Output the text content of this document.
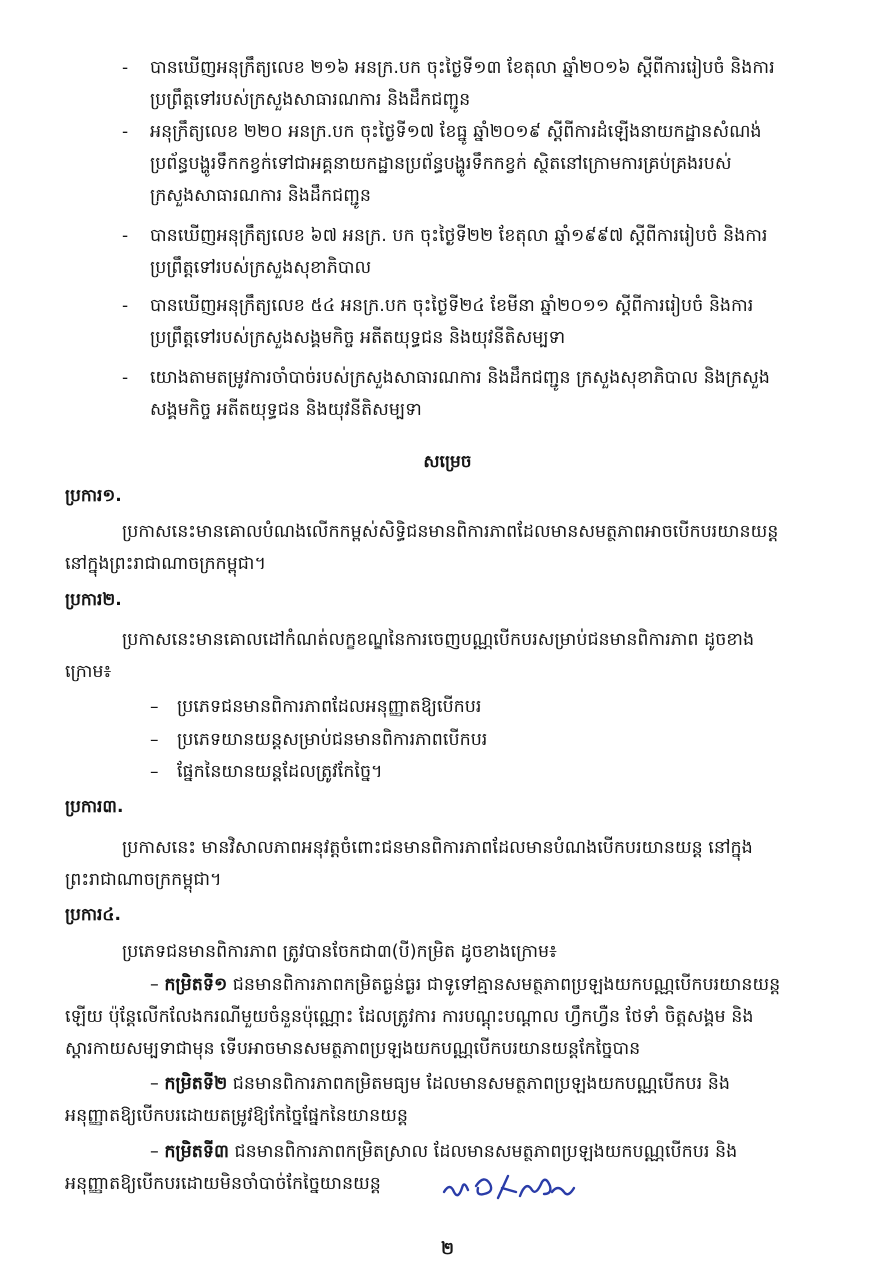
- បានឃើញអនុក្រឹត្យលេខ ២១៦ អនក្រ.បក ចុះថ្ងៃទី១៣ ខែតុលា ឆ្នាំ២០១៦ ស្តីពីការរៀបចំ និងការ
ប្រព្រឹត្តទៅរបស់ក្រសួងសាធារណការ និងដឹកជញ្ជូន
- អនុក្រឹត្យលេខ ២២០ អនក្រ.បក ចុះថ្ងៃទី១៧ ខែធ្នូ ឆ្នាំ២០១៩ ស្តីពីការដំឡើងនាយកដ្ឋានសំណង់
ប្រព័ន្ធបង្ហូរទឹកកខ្វក់ទៅជាអគ្គនាយកដ្ឋានប្រព័ន្ធបង្ហូរទឹកកខ្វក់ ស្ថិតនៅក្រោមការគ្រប់គ្រងរបស់
ក្រសួងសាធារណការ និងដឹកជញ្ជូន
- បានឃើញអនុក្រឹត្យលេខ ៦៧ អនក្រ. បក ចុះថ្ងៃទី២២ ខែតុលា ឆ្នាំ១៩៩៧ ស្តីពីការរៀបចំ និងការ
ប្រព្រឹត្តទៅរបស់ក្រសួងសុខាភិបាល
- បានឃើញអនុក្រឹត្យលេខ ៥៤ អនក្រ.បក ចុះថ្ងៃទី២៤ ខែមីនា ឆ្នាំ២០១១ ស្តីពីការរៀបចំ និងការ
ប្រព្រឹត្តទៅរបស់ក្រសួងសង្គមកិច្ច អតីតយុទ្ធជន និងយុវនីតិសម្បទា
- យោងតាមតម្រូវការចាំបាច់របស់ក្រសួងសាធារណការ និងដឹកជញ្ជូន ក្រសួងសុខាភិបាល និងក្រសួង
សង្គមកិច្ច អតីតយុទ្ធជន និងយុវនីតិសម្បទា
សម្រេច
ប្រការ១.
ប្រកាសនេះមានគោលបំណងលើកកម្ពស់សិទ្ធិជនមានពិការភាពដែលមានសមត្ថភាពអាចបើកបរយានយន្ត
នៅក្នុងព្រះរាជាណាចក្រកម្ពុជា។
ប្រការ២.
ប្រកាសនេះមានគោលដៅកំណត់លក្ខខណ្ឌនៃការចេញបណ្ណបើកបរសម្រាប់ជនមានពិការភាព ដូចខាង
ក្រោម៖
– ប្រភេទជនមានពិការភាពដែលអនុញ្ញាតឱ្យបើកបរ
– ប្រភេទយានយន្តសម្រាប់ជនមានពិការភាពបើកបរ
– ផ្នែកនៃយានយន្តដែលត្រូវកែច្នៃ។
ប្រការ៣.
ប្រកាសនេះ មានវិសាលភាពអនុវត្តចំពោះជនមានពិការភាពដែលមានបំណងបើកបរយានយន្ត នៅក្នុង
ព្រះរាជាណាចក្រកម្ពុជា។
ប្រការ៤.
ប្រភេទជនមានពិការភាព ត្រូវបានចែកជា៣(បី)កម្រិត ដូចខាងក្រោម៖
– កម្រិតទី១ ជនមានពិការភាពកម្រិតធ្ងន់ធ្ងរ ជាទូទៅគ្មានសមត្ថភាពប្រឡងយកបណ្ណបើកបរយានយន្ត
ឡើយ ប៉ុន្តែលើកលែងករណីមួយចំនួនប៉ុណ្ណោះ ដែលត្រូវការ ការបណ្តុះបណ្តាល ហ្វឹកហ្វឺន ថែទាំ ចិត្តសង្គម និង
ស្តារកាយសម្បទាជាមុន ទើបអាចមានសមត្ថភាពប្រឡងយកបណ្ណបើកបរយានយន្តកែច្នៃបាន
– កម្រិតទី២ ជនមានពិការភាពកម្រិតមធ្យម ដែលមានសមត្ថភាពប្រឡងយកបណ្ណបើកបរ និង
អនុញ្ញាតឱ្យបើកបរដោយតម្រូវឱ្យកែច្នៃផ្នែកនៃយានយន្ត
– កម្រិតទី៣ ជនមានពិការភាពកម្រិតស្រាល ដែលមានសមត្ថភាពប្រឡងយកបណ្ណបើកបរ និង
អនុញ្ញាតឱ្យបើកបរដោយមិនចាំបាច់កែច្នៃយានយន្ត
២
